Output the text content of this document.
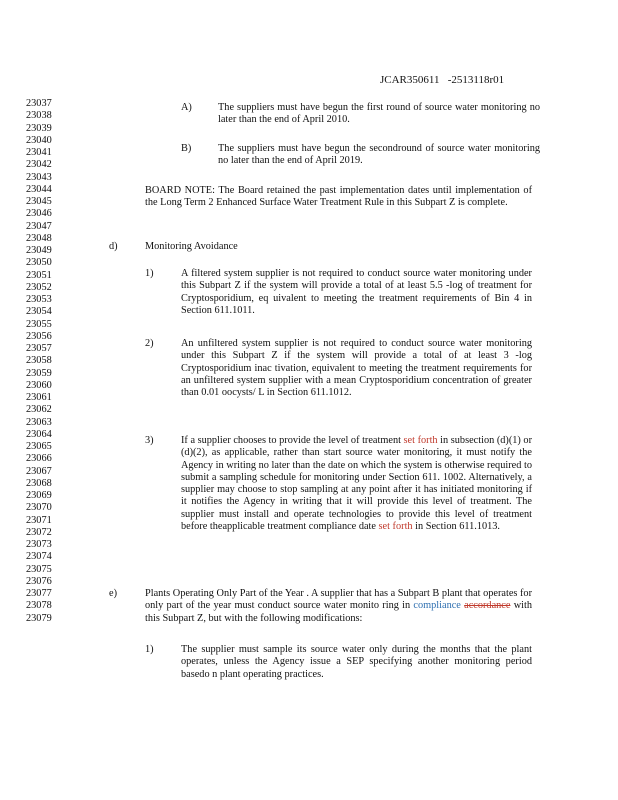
JCAR350611 -2513118r01
23037
23038
23039
23040
23041
23042
23043
23044
23045
23046
23047
23048
23049
23050
23051
23052
23053
23054
23055
23056
23057
23058
23059
23060
23061
23062
23063
23064
23065
23066
23067
23068
23069
23070
23071
23072
23073
23074
23075
23076
23077
23078
23079
A)	The suppliers must have begun the first round of source water monitoring no later than the end of April 2010.
B)	The suppliers must have begun the secondround of source water monitoring no later than the end of April 2019.
BOARD NOTE: The Board retained the past implementation dates until implementation of the Long Term 2 Enhanced Surface Water Treatment Rule in this Subpart Z is complete.
d)	Monitoring Avoidance
1)	A filtered system supplier is not required to conduct source water monitoring under this Subpart Z if the system will provide a total of at least 5.5 -log of treatment for Cryptosporidium, eq uivalent to meeting the treatment requirements of Bin 4 in Section 611.1011.
2)	An unfiltered system supplier is not required to conduct source water monitoring under this Subpart Z if the system will provide a total of at least 3 -log Cryptosporidium inac tivation, equivalent to meeting the treatment requirements for an unfiltered system supplier with a mean Cryptosporidium concentration of greater than 0.01 oocysts/ L in Section 611.1012.
3)	If a supplier chooses to provide the level of treatment set forth in subsection (d)(1) or (d)(2), as applicable, rather than start source water monitoring, it must notify the Agency in writing no later than the date on which the system is otherwise required to submit a sampling schedule for monitoring under Section 611. 1002. Alternatively, a supplier may choose to stop sampling at any point after it has initiated monitoring if it notifies the Agency in writing that it will provide this level of treatment. The supplier must install and operate technologies to provide this level of treatment before theapplicable treatment compliance date set forth in Section 611.1013.
e)	Plants Operating Only Part of the Year . A supplier that has a Subpart B plant that operates for only part of the year must conduct source water monito ring in compliance accordance with this Subpart Z, but with the following modifications:
1)	The supplier must sample its source water only during the months that the plant operates, unless the Agency issue a SEP specifying another monitoring period basedo n plant operating practices.
